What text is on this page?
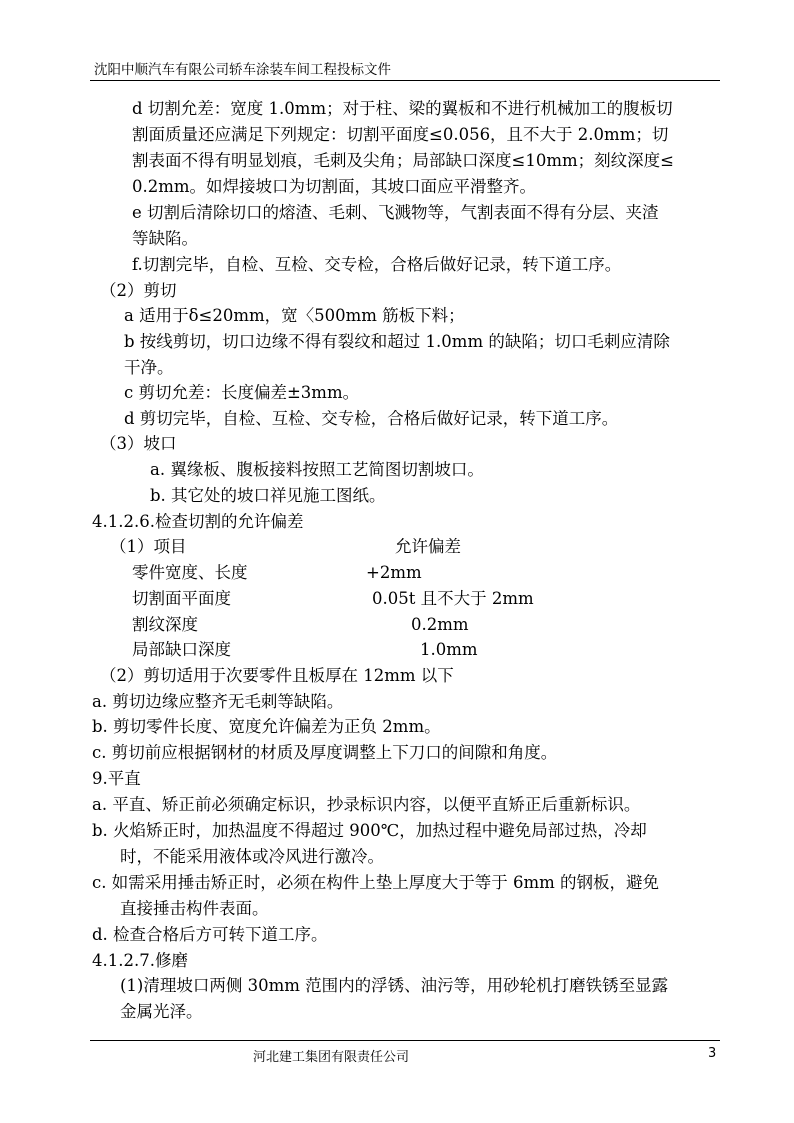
沈阳中顺汽车有限公司轿车涂装车间工程投标文件
d 切割允差：宽度 1.0mm；对于柱、梁的翼板和不进行机械加工的腹板切
割面质量还应满足下列规定：切割平面度≤0.056，且不大于 2.0mm；切
割表面不得有明显划痕，毛刺及尖角；局部缺口深度≤10mm；刻纹深度≤
0.2mm。如焊接坡口为切割面，其坡口面应平滑整齐。
e 切割后清除切口的熔渣、毛刺、飞溅物等，气割表面不得有分层、夹渣
等缺陷。
f.切割完毕，自检、互检、交专检，合格后做好记录，转下道工序。
（2）剪切
a 适用于δ≤20mm，宽〈500mm 筋板下料；
b 按线剪切，切口边缘不得有裂纹和超过 1.0mm 的缺陷；切口毛刺应清除
干净。
c 剪切允差：长度偏差±3mm。
d 剪切完毕，自检、互检、交专检，合格后做好记录，转下道工序。
（3）坡口
a. 翼缘板、腹板接料按照工艺简图切割坡口。
b. 其它处的坡口祥见施工图纸。
4.1.2.6.检查切割的允许偏差
（1）项目	允许偏差
零件宽度、长度	+2mm
切割面平面度	0.05t 且不大于 2mm
割纹深度	0.2mm
局部缺口深度	1.0mm
（2）剪切适用于次要零件且板厚在 12mm 以下
a. 剪切边缘应整齐无毛刺等缺陷。
b. 剪切零件长度、宽度允许偏差为正负 2mm。
c. 剪切前应根据钢材的材质及厚度调整上下刀口的间隙和角度。
9.平直
a. 平直、矫正前必须确定标识，抄录标识内容，以便平直矫正后重新标识。
b. 火焰矫正时，加热温度不得超过 900℃，加热过程中避免局部过热，冷却
时，不能采用液体或冷风进行激冷。
c. 如需采用捶击矫正时，必须在构件上垫上厚度大于等于 6mm 的钢板，避免
直接捶击构件表面。
d. 检查合格后方可转下道工序。
4.1.2.7.修磨
(1)清理坡口两侧 30mm 范围内的浮锈、油污等，用砂轮机打磨铁锈至显露
金属光泽。
河北建工集团有限责任公司	3
